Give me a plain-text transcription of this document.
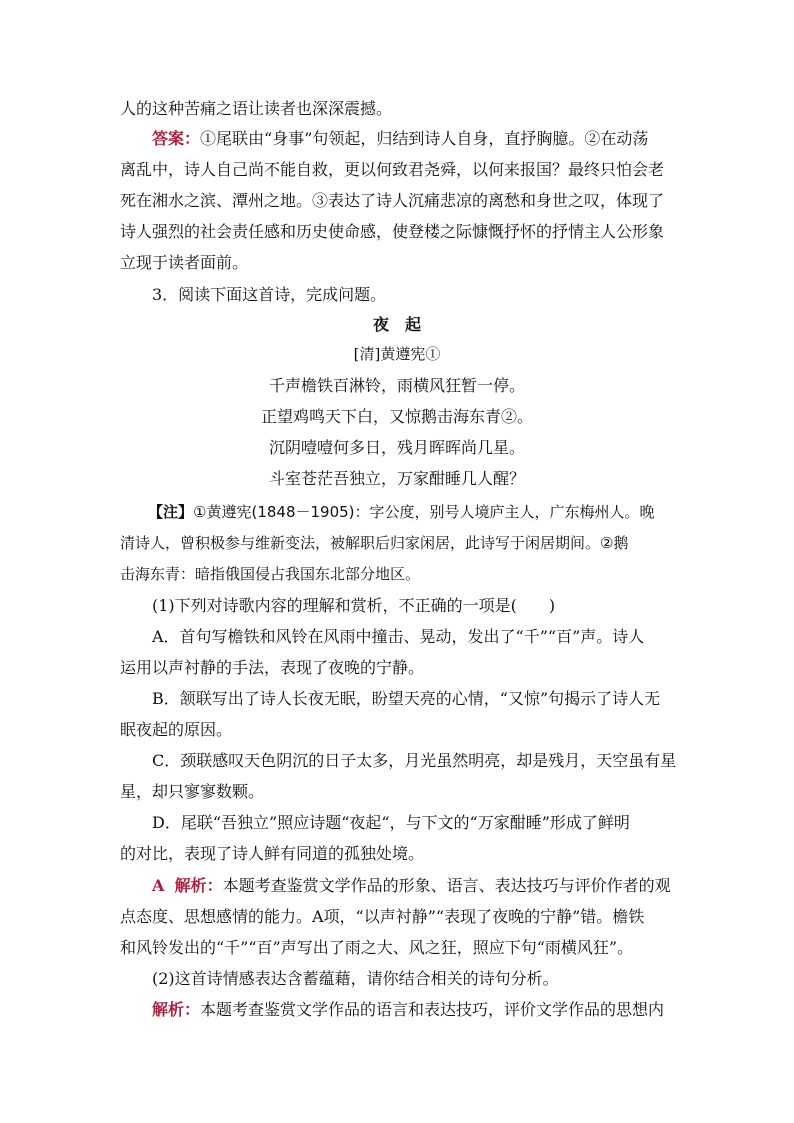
人的这种苦痛之语让读者也深深震撼。
答案：①尾联由“身事”句领起，归结到诗人自身，直抒胸臆。②在动荡
离乱中，诗人自己尚不能自救，更以何致君尧舜，以何来报国？最终只怕会老
死在湘水之滨、潭州之地。③表达了诗人沉痛悲凉的离愁和身世之叹，体现了
诗人强烈的社会责任感和历史使命感，使登楼之际慷慨抒怀的抒情主人公形象
立现于读者面前。
3．阅读下面这首诗，完成问题。
夜　起
[清]黄遵宪①
千声檐铁百淋铃，雨横风狂暂一停。
正望鸡鸣天下白，又惊鹅击海东青②。
沉阴噎噎何多日，残月晖晖尚几星。
斗室苍茫吾独立，万家酣睡几人醒？
【注】①黄遵宪(1848－1905)：字公度，别号人境庐主人，广东梅州人。晚
清诗人，曾积极参与维新变法，被解职后归家闲居，此诗写于闲居期间。②鹅
击海东青：暗指俄国侵占我国东北部分地区。
(1)下列对诗歌内容的理解和赏析，不正确的一项是(　　)
A．首句写檐铁和风铃在风雨中撞击、晃动，发出了“千”“百”声。诗人
运用以声衬静的手法，表现了夜晚的宁静。
B．颔联写出了诗人长夜无眠，盼望天亮的心情，“又惊”句揭示了诗人无
眠夜起的原因。
C．颈联感叹天色阴沉的日子太多，月光虽然明亮，却是残月，天空虽有星
星，却只寥寥数颗。
D．尾联“吾独立”照应诗题“夜起“，与下文的“万家酣睡”形成了鲜明
的对比，表现了诗人鲜有同道的孤独处境。
A 解析：本题考查鉴赏文学作品的形象、语言、表达技巧与评价作者的观
点态度、思想感情的能力。A项，“以声衬静”“表现了夜晚的宁静”错。檐铁
和风铃发出的“千”“百”声写出了雨之大、风之狂，照应下句“雨横风狂”。
(2)这首诗情感表达含蓄蕴藉，请你结合相关的诗句分析。
解析：本题考查鉴赏文学作品的语言和表达技巧，评价文学作品的思想内
